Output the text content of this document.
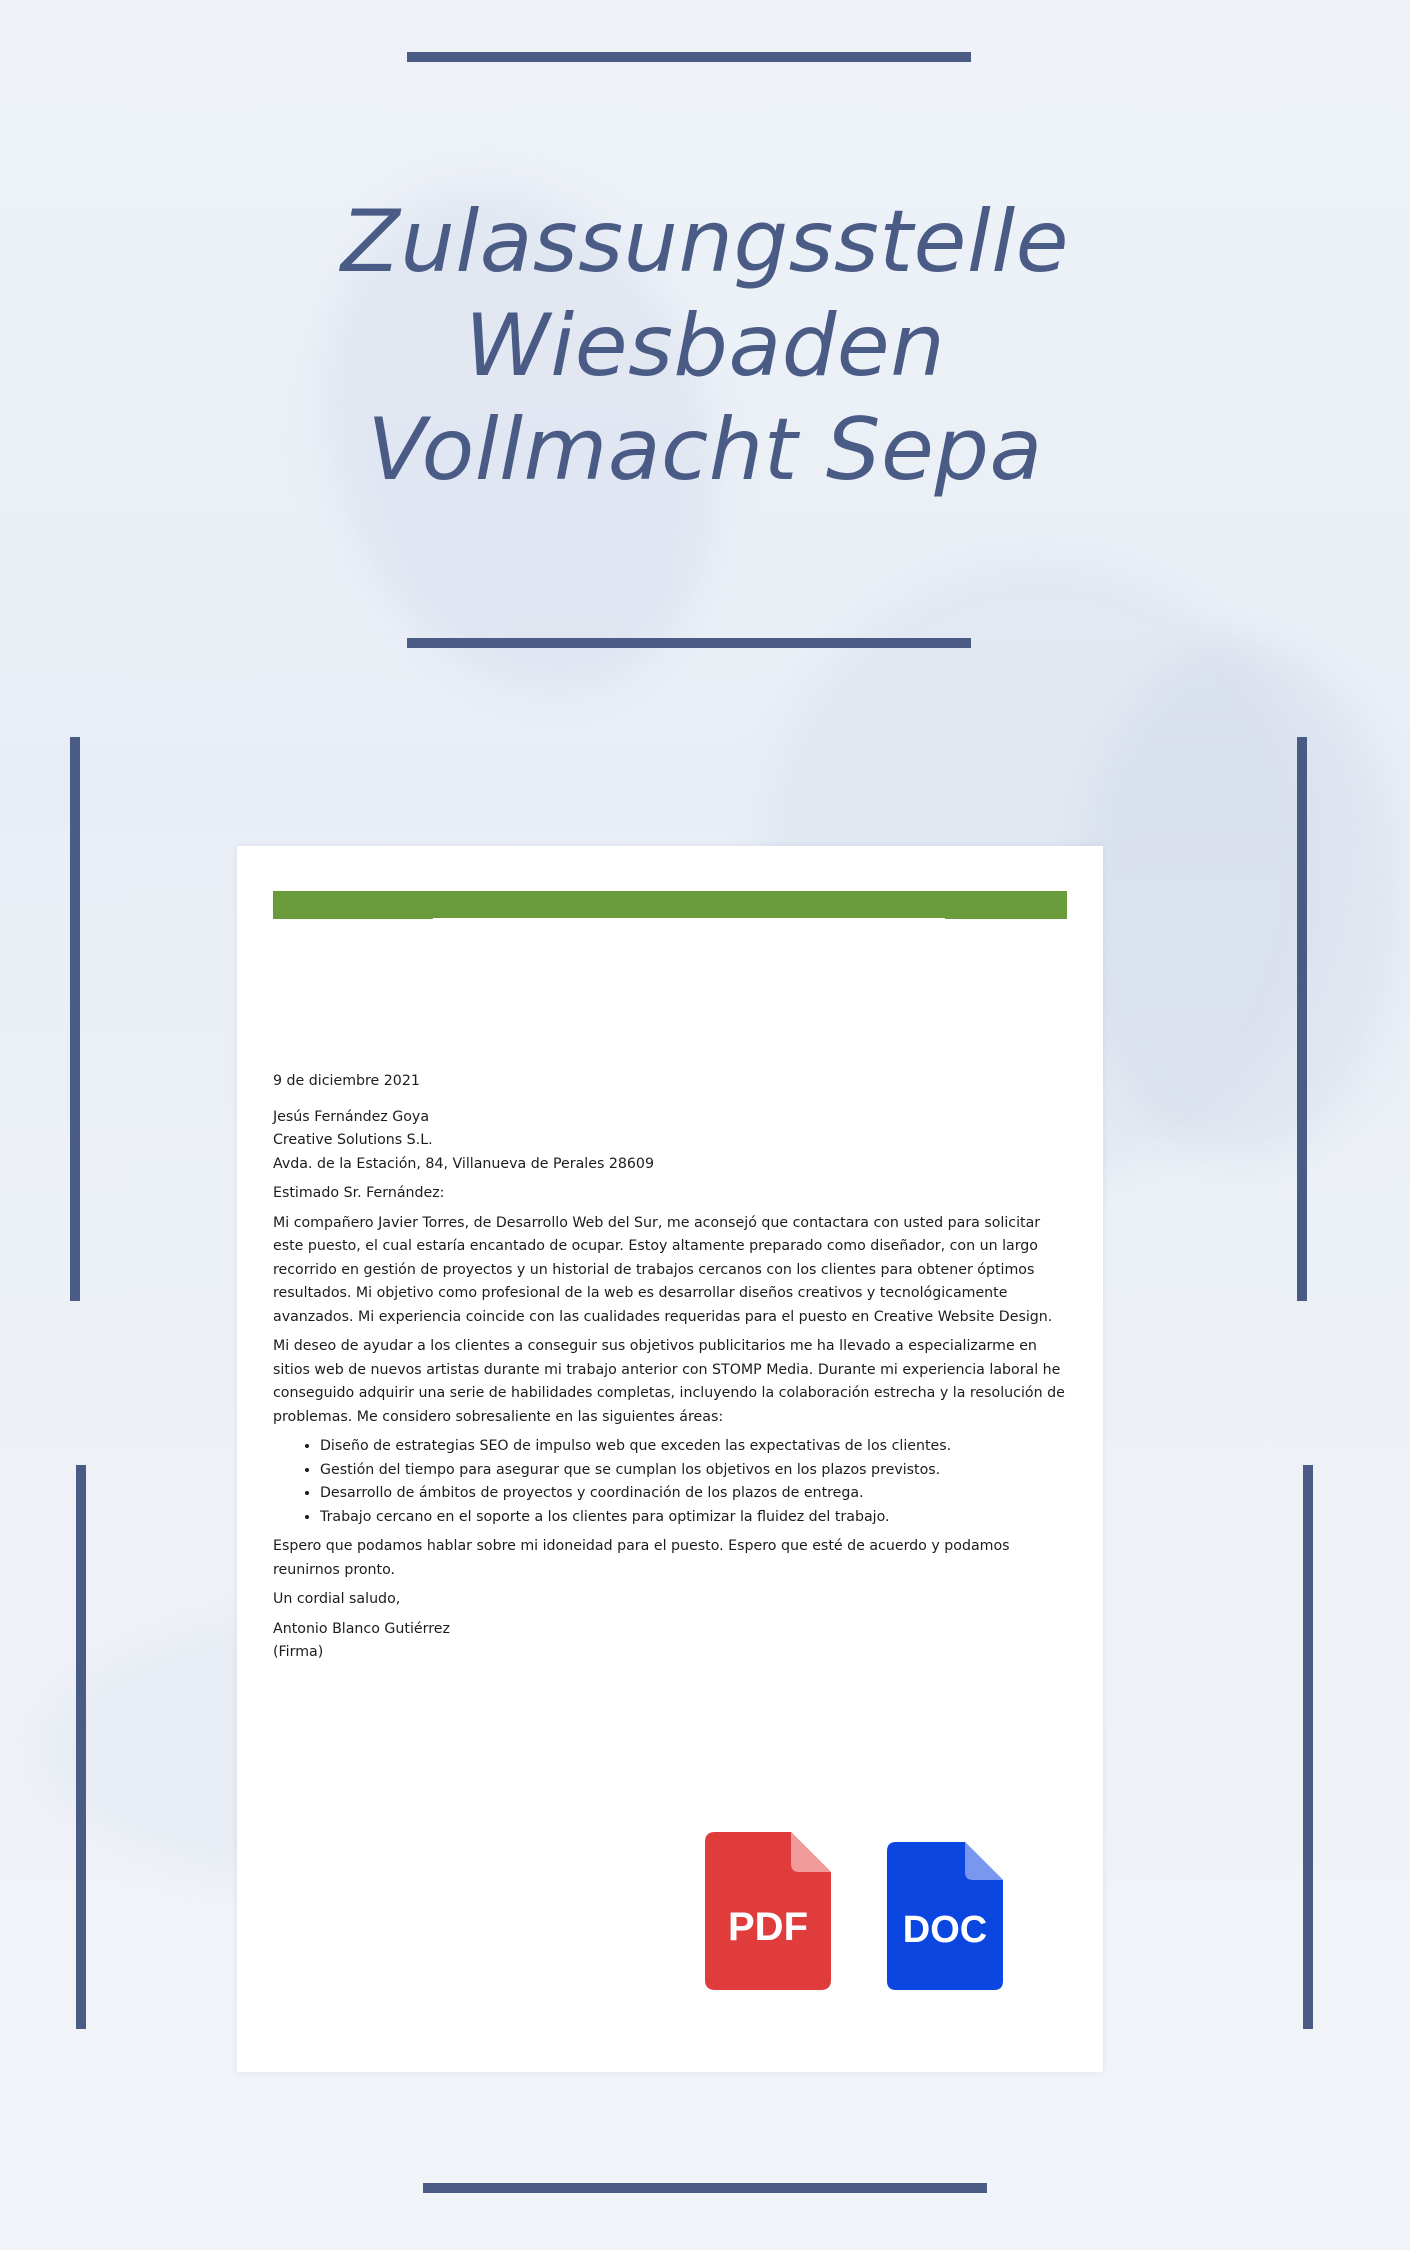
Zulassungsstelle Wiesbaden Vollmacht Sepa

9 de diciembre 2021

Jesús Fernández Goya

Creative Solutions S.L.

Avda. de la Estación, 84, Villanueva de Perales 28609

Estimado Sr. Fernández:

Mi compañero Javier Torres, de Desarrollo Web del Sur, me aconsejó que contactara con usted para solicitar este puesto, el cual estaría encantado de ocupar. Estoy altamente preparado como diseñador, con un largo recorrido en gestión de proyectos y un historial de trabajos cercanos con los clientes para obtener óptimos resultados. Mi objetivo como profesional de la web es desarrollar diseños creativos y tecnológicamente avanzados. Mi experiencia coincide con las cualidades requeridas para el puesto en Creative Website Design.

Mi deseo de ayudar a los clientes a conseguir sus objetivos publicitarios me ha llevado a especializarme en sitios web de nuevos artistas durante mi trabajo anterior con STOMP Media. Durante mi experiencia laboral he conseguido adquirir una serie de habilidades completas, incluyendo la colaboración estrecha y la resolución de problemas. Me considero sobresaliente en las siguientes áreas:

• Diseño de estrategias SEO de impulso web que exceden las expectativas de los clientes.
• Gestión del tiempo para asegurar que se cumplan los objetivos en los plazos previstos.
• Desarrollo de ámbitos de proyectos y coordinación de los plazos de entrega.
• Trabajo cercano en el soporte a los clientes para optimizar la fluidez del trabajo.

Espero que podamos hablar sobre mi idoneidad para el puesto. Espero que esté de acuerdo y podamos reunirnos pronto.

Un cordial saludo,

Antonio Blanco Gutiérrez

(Firma)

PDF DOC
